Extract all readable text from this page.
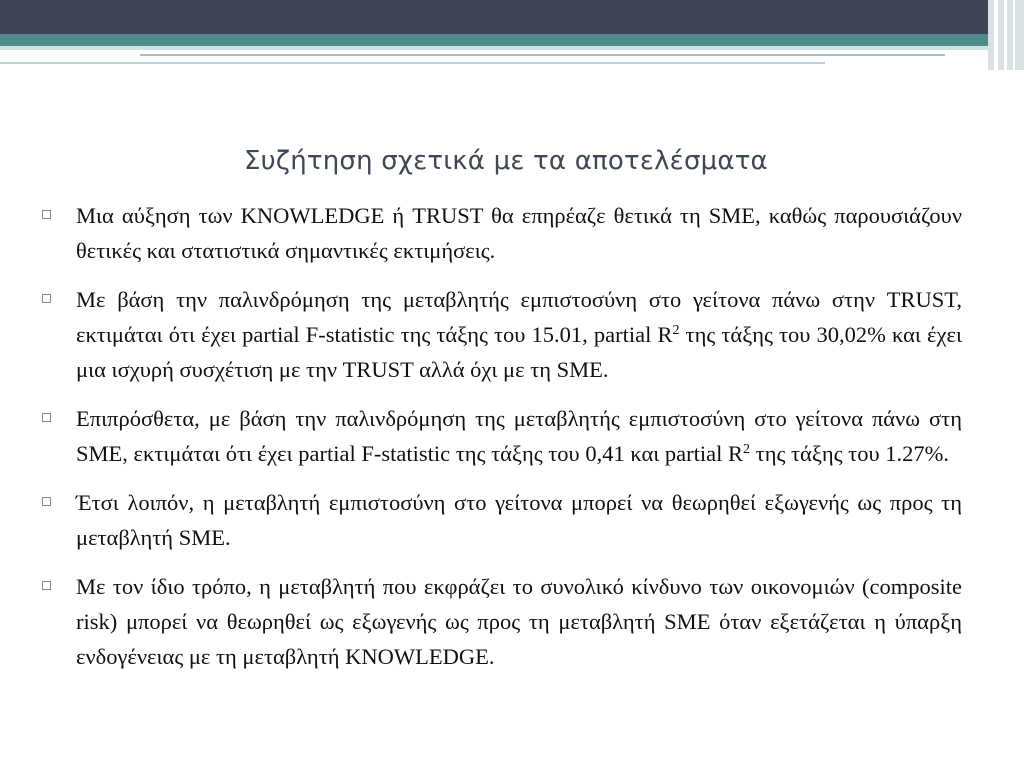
Συζήτηση σχετικά με τα αποτελέσματα
Μια αύξηση των KNOWLEDGE ή TRUST θα επηρέαζε θετικά τη SME, καθώς παρουσιάζουν θετικές και στατιστικά σημαντικές εκτιμήσεις.
Με βάση την παλινδρόμηση της μεταβλητής εμπιστοσύνη στο γείτονα πάνω στην TRUST, εκτιμάται ότι έχει partial F-statistic της τάξης του 15.01, partial $R^2$ της τάξης του 30,02% και έχει μια ισχυρή συσχέτιση με την TRUST αλλά όχι με τη SME.
Επιπρόσθετα, με βάση την παλινδρόμηση της μεταβλητής εμπιστοσύνη στο γείτονα πάνω στη SME, εκτιμάται ότι έχει partial F-statistic της τάξης του 0,41 και partial $R^2$ της τάξης του 1.27%.
Έτσι λοιπόν, η μεταβλητή εμπιστοσύνη στο γείτονα μπορεί να θεωρηθεί εξωγενής ως προς τη μεταβλητή SME.
Με τον ίδιο τρόπο, η μεταβλητή που εκφράζει το συνολικό κίνδυνο των οικονομιών (composite risk) μπορεί να θεωρηθεί ως εξωγενής ως προς τη μεταβλητή SME όταν εξετάζεται η ύπαρξη ενδογένειας με τη μεταβλητή KNOWLEDGE.
